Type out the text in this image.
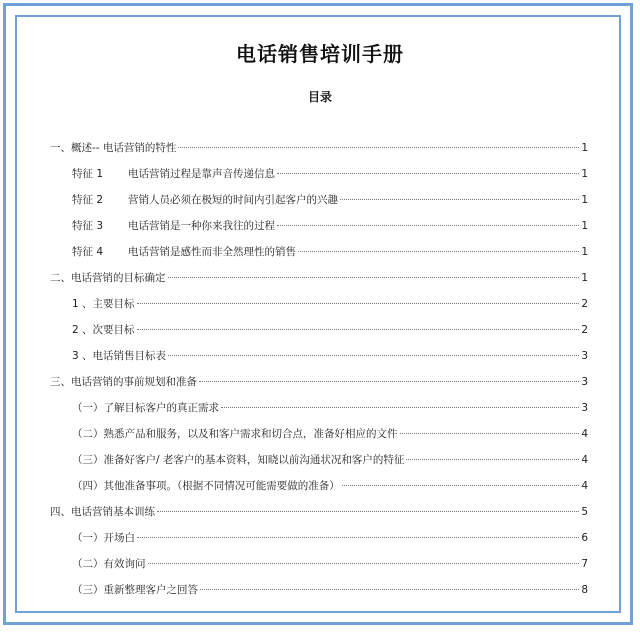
电话销售培训手册
目录
一、概述-- 电话营销的特性	1
特征 1	电话营销过程是靠声音传递信息	1
特征 2	营销人员必须在极短的时间内引起客户的兴趣	1
特征 3	电话营销是一种你来我往的过程	1
特征 4	电话营销是感性而非全然理性的销售	1
二、电话营销的目标确定	1
1 、主要目标	2
2 、次要目标	2
3 、电话销售目标表	3
三、电话营销的事前规划和准备	3
（一）了解目标客户的真正需求	3
（二）熟悉产品和服务，以及和客户需求和切合点，准备好相应的文件	4
（三）准备好客户/ 老客户的基本资料，知晓以前沟通状况和客户的特征	4
（四）其他准备事项。（根据不同情况可能需要做的准备）	4
四、电话营销基本训练	5
（一）开场白	6
（二）有效询问	7
（三）重新整理客户之回答	8
